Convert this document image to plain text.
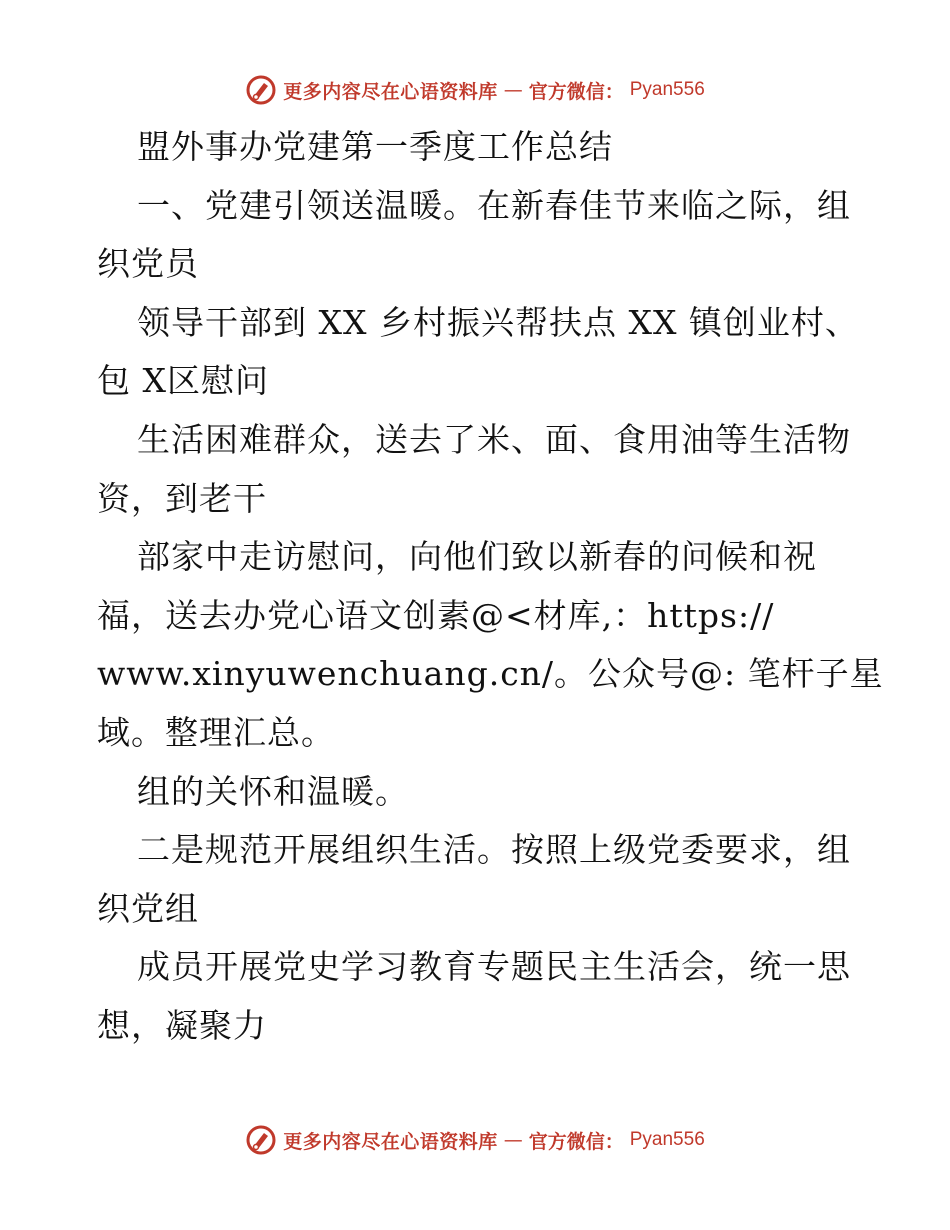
更多内容尽在心语资料库 — 官方微信： Pyan556
盟外事办党建第一季度工作总结
一、党建引领送温暖。在新春佳节来临之际，组
织党员
领导干部到 XX 乡村振兴帮扶点 XX 镇创业村、
包 X区慰问
生活困难群众，送去了米、面、食用油等生活物
资，到老干
部家中走访慰问，向他们致以新春的问候和祝
福，送去办党心语文创素@<材库,：https://
www.xinyuwenchuang.cn/。公众号@: 笔杆子星
域。整理汇总。
组的关怀和温暖。
二是规范开展组织生活。按照上级党委要求，组
织党组
成员开展党史学习教育专题民主生活会，统一思
想，凝聚力
更多内容尽在心语资料库 — 官方微信： Pyan556
